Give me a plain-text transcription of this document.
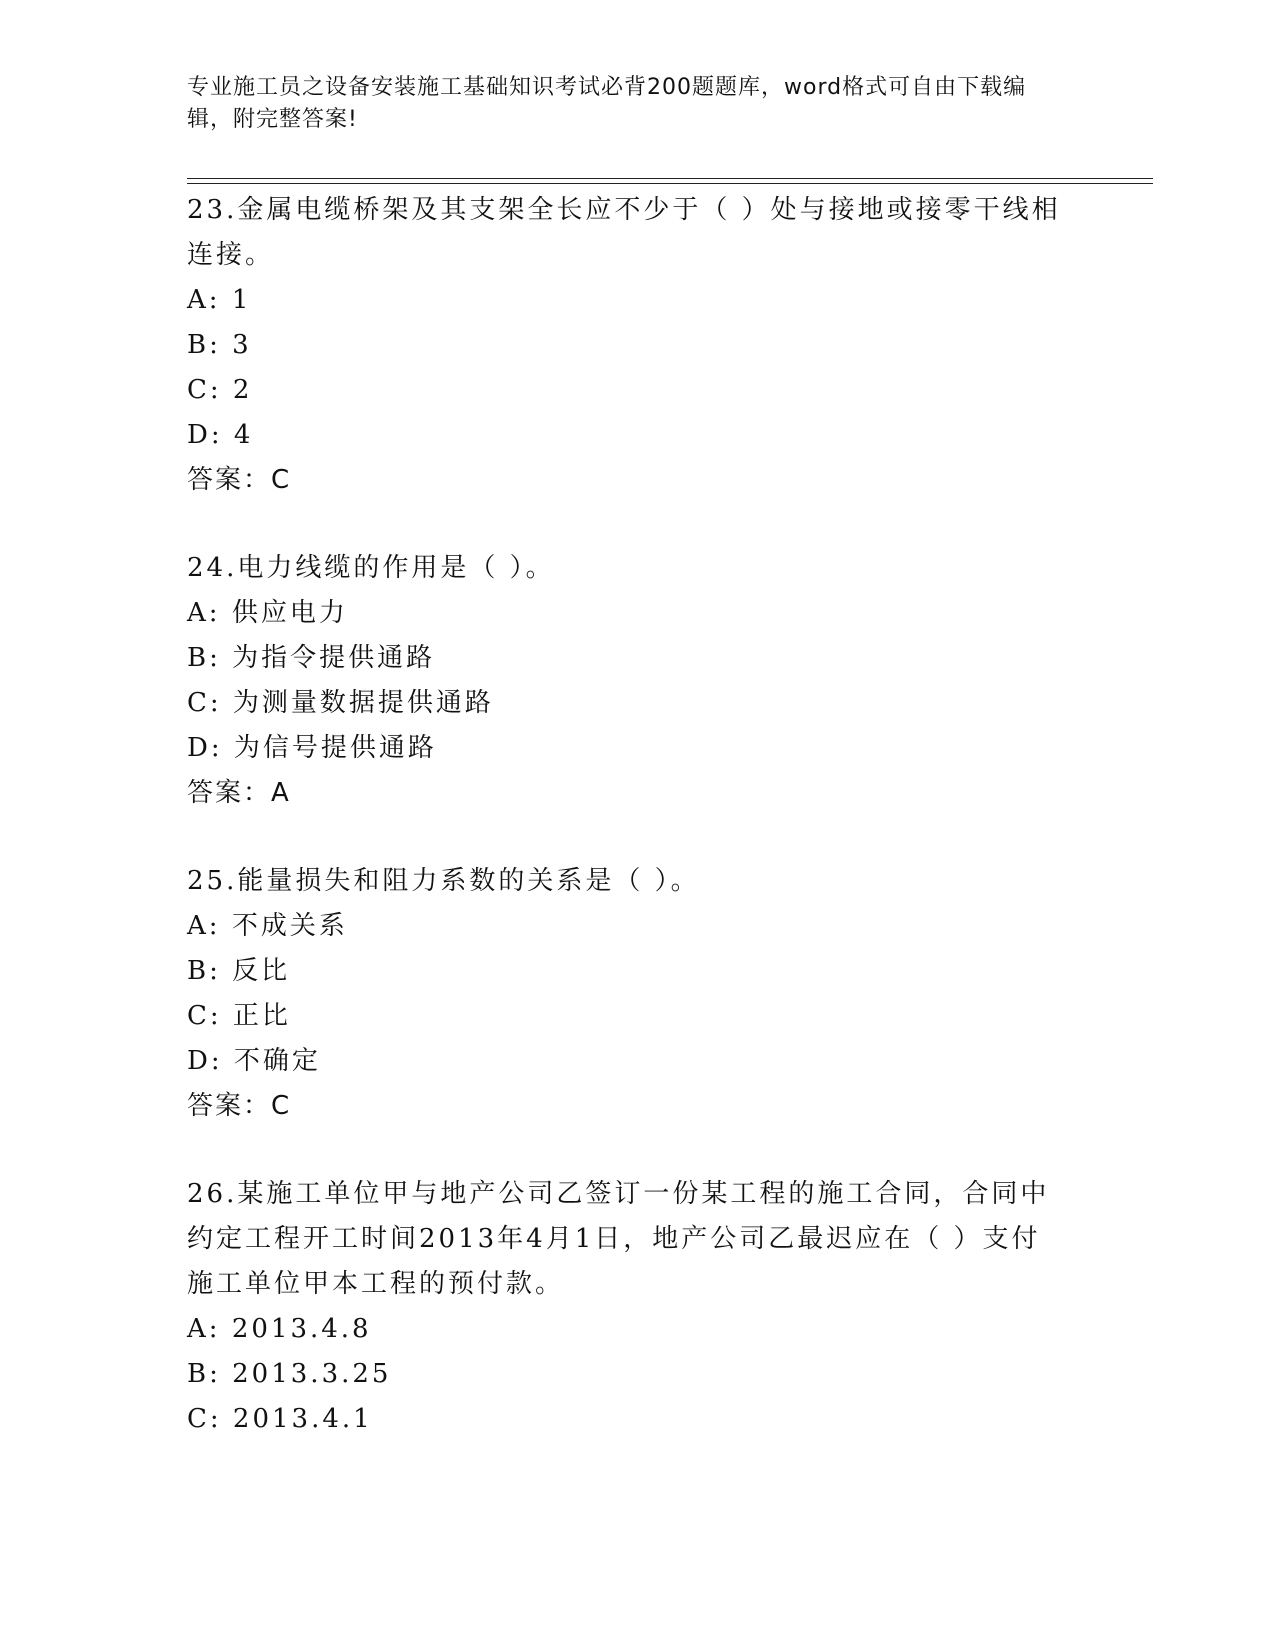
专业施工员之设备安装施工基础知识考试必背200题题库，word格式可自由下载编辑，附完整答案!
23.金属电缆桥架及其支架全长应不少于（ ）处与接地或接零干线相连接。
A: 1
B: 3
C: 2
D: 4
答案：C
24.电力线缆的作用是（ ）。
A: 供应电力
B: 为指令提供通路
C: 为测量数据提供通路
D: 为信号提供通路
答案：A
25.能量损失和阻力系数的关系是（ ）。
A: 不成关系
B: 反比
C: 正比
D: 不确定
答案：C
26.某施工单位甲与地产公司乙签订一份某工程的施工合同，合同中约定工程开工时间2013年4月1日，地产公司乙最迟应在（ ）支付施工单位甲本工程的预付款。
A: 2013.4.8
B: 2013.3.25
C: 2013.4.1
